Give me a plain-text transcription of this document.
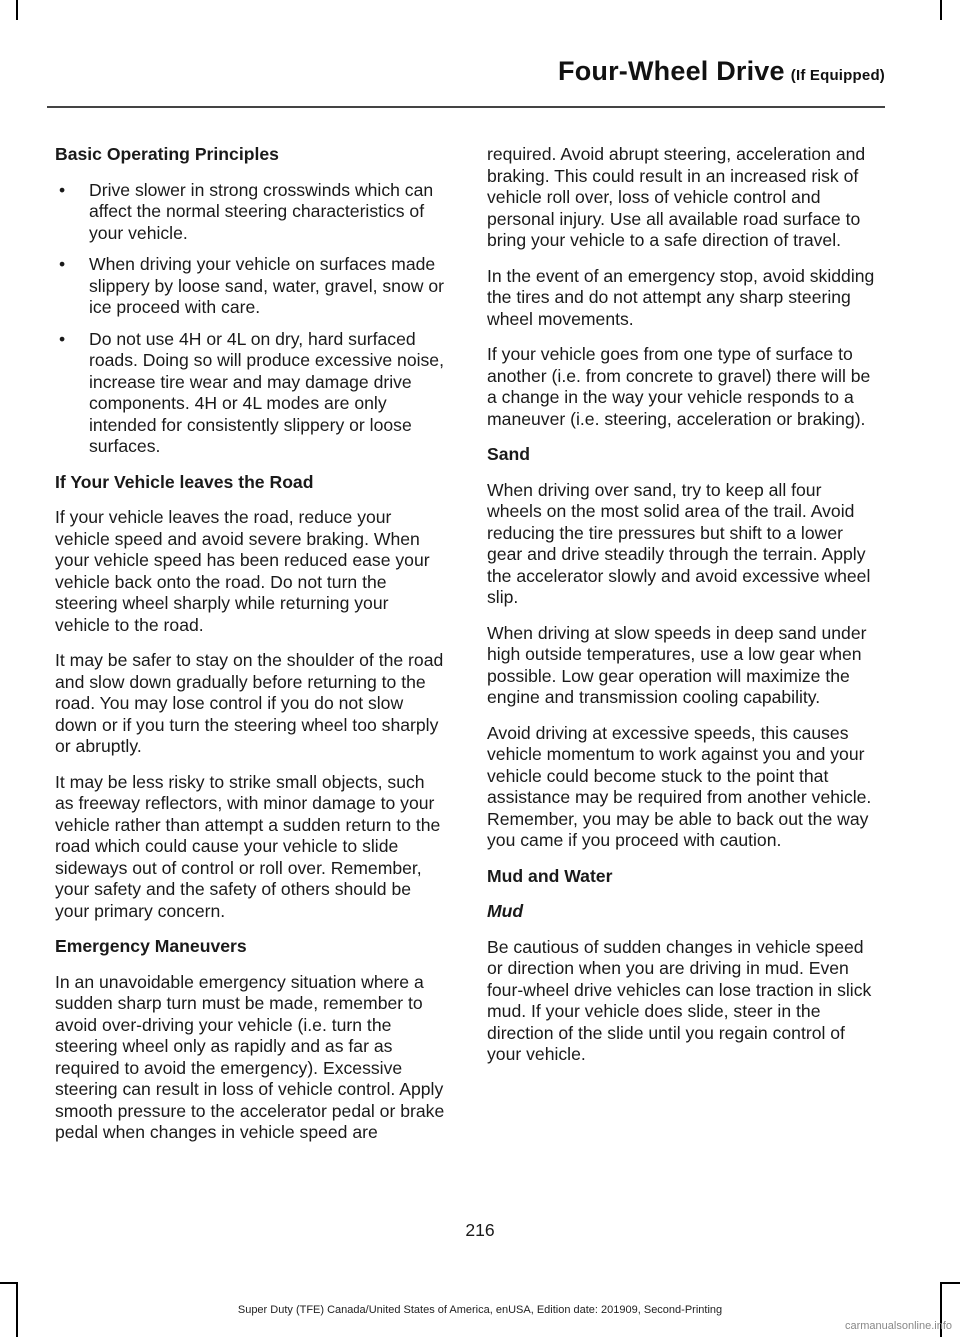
Four-Wheel Drive (If Equipped)
Basic Operating Principles
• Drive slower in strong crosswinds which can affect the normal steering characteristics of your vehicle.
• When driving your vehicle on surfaces made slippery by loose sand, water, gravel, snow or ice proceed with care.
• Do not use 4H or 4L on dry, hard surfaced roads. Doing so will produce excessive noise, increase tire wear and may damage drive components. 4H or 4L modes are only intended for consistently slippery or loose surfaces.
If Your Vehicle leaves the Road

If your vehicle leaves the road, reduce your vehicle speed and avoid severe braking. When your vehicle speed has been reduced ease your vehicle back onto the road. Do not turn the steering wheel sharply while returning your vehicle to the road.

It may be safer to stay on the shoulder of the road and slow down gradually before returning to the road. You may lose control if you do not slow down or if you turn the steering wheel too sharply or abruptly.

It may be less risky to strike small objects, such as freeway reflectors, with minor damage to your vehicle rather than attempt a sudden return to the road which could cause your vehicle to slide sideways out of control or roll over. Remember, your safety and the safety of others should be your primary concern.

Emergency Maneuvers

In an unavoidable emergency situation where a sudden sharp turn must be made, remember to avoid over-driving your vehicle (i.e. turn the steering wheel only as rapidly and as far as required to avoid the emergency). Excessive steering can result in loss of vehicle control. Apply smooth pressure to the accelerator pedal or brake pedal when changes in vehicle speed are

required. Avoid abrupt steering, acceleration and braking. This could result in an increased risk of vehicle roll over, loss of vehicle control and personal injury. Use all available road surface to bring your vehicle to a safe direction of travel.

In the event of an emergency stop, avoid skidding the tires and do not attempt any sharp steering wheel movements.

If your vehicle goes from one type of surface to another (i.e. from concrete to gravel) there will be a change in the way your vehicle responds to a maneuver (i.e. steering, acceleration or braking).

Sand

When driving over sand, try to keep all four wheels on the most solid area of the trail. Avoid reducing the tire pressures but shift to a lower gear and drive steadily through the terrain. Apply the accelerator slowly and avoid excessive wheel slip.

When driving at slow speeds in deep sand under high outside temperatures, use a low gear when possible. Low gear operation will maximize the engine and transmission cooling capability.

Avoid driving at excessive speeds, this causes vehicle momentum to work against you and your vehicle could become stuck to the point that assistance may be required from another vehicle. Remember, you may be able to back out the way you came if you proceed with caution.

Mud and Water
Mud

Be cautious of sudden changes in vehicle speed or direction when you are driving in mud. Even four-wheel drive vehicles can lose traction in slick mud. If your vehicle does slide, steer in the direction of the slide until you regain control of your vehicle.

216
Super Duty (TFE) Canada/United States of America, enUSA, Edition date: 201909, Second-Printing
carmanualsonline.info
